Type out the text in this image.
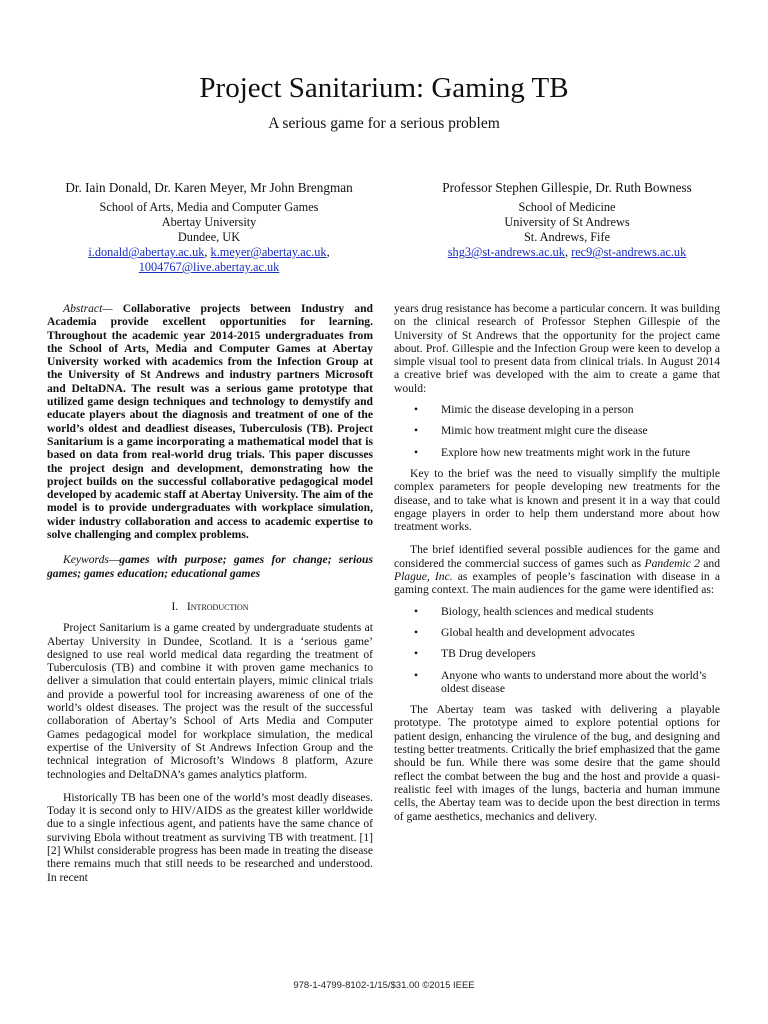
Project Sanitarium: Gaming TB
A serious game for a serious problem
Dr. Iain Donald, Dr. Karen Meyer, Mr John Brengman
School of Arts, Media and Computer Games
Abertay University
Dundee, UK
i.donald@abertay.ac.uk, k.meyer@abertay.ac.uk,
1004767@live.abertay.ac.uk
Professor Stephen Gillespie, Dr. Ruth Bowness
School of Medicine
University of St Andrews
St. Andrews, Fife
shg3@st-andrews.ac.uk, rec9@st-andrews.ac.uk

Abstract— Collaborative projects between Industry and Academia provide excellent opportunities for learning. Throughout the academic year 2014-2015 undergraduates from the School of Arts, Media and Computer Games at Abertay University worked with academics from the Infection Group at the University of St Andrews and industry partners Microsoft and DeltaDNA. The result was a serious game prototype that utilized game design techniques and technology to demystify and educate players about the diagnosis and treatment of one of the world’s oldest and deadliest diseases, Tuberculosis (TB). Project Sanitarium is a game incorporating a mathematical model that is based on data from real-world drug trials. This paper discusses the project design and development, demonstrating how the project builds on the successful collaborative pedagogical model developed by academic staff at Abertay University. The aim of the model is to provide undergraduates with workplace simulation, wider industry collaboration and access to academic expertise to solve challenging and complex problems.

Keywords—games with purpose; games for change; serious games; games education; educational games

I. Introduction

Project Sanitarium is a game created by undergraduate students at Abertay University in Dundee, Scotland. It is a ‘serious game’ designed to use real world medical data regarding the treatment of Tuberculosis (TB) and combine it with proven game mechanics to deliver a simulation that could entertain players, mimic clinical trials and provide a powerful tool for increasing awareness of one of the world’s oldest diseases. The project was the result of the successful collaboration of Abertay’s School of Arts Media and Computer Games pedagogical model for workplace simulation, the medical expertise of the University of St Andrews Infection Group and the technical integration of Microsoft’s Windows 8 platform, Azure technologies and DeltaDNA’s games analytics platform.

Historically TB has been one of the world’s most deadly diseases. Today it is second only to HIV/AIDS as the greatest killer worldwide due to a single infectious agent, and patients have the same chance of surviving Ebola without treatment as surviving TB with treatment. [1][2] Whilst considerable progress has been made in treating the disease there remains much that still needs to be researched and understood. In recent

years drug resistance has become a particular concern. It was building on the clinical research of Professor Stephen Gillespie of the University of St Andrews that the opportunity for the project came about. Prof. Gillespie and the Infection Group were keen to develop a simple visual tool to present data from clinical trials. In August 2014 a creative brief was developed with the aim to create a game that would:

• Mimic the disease developing in a person
• Mimic how treatment might cure the disease
• Explore how new treatments might work in the future

Key to the brief was the need to visually simplify the multiple complex parameters for people developing new treatments for the disease, and to take what is known and present it in a way that could engage players in order to help them understand more about how treatment works.

The brief identified several possible audiences for the game and considered the commercial success of games such as Pandemic 2 and Plague, Inc. as examples of people’s fascination with disease in a gaming context. The main audiences for the game were identified as:

• Biology, health sciences and medical students
• Global health and development advocates
• TB Drug developers
• Anyone who wants to understand more about the world’s oldest disease

The Abertay team was tasked with delivering a playable prototype. The prototype aimed to explore potential options for patient design, enhancing the virulence of the bug, and designing and testing better treatments. Critically the brief emphasized that the game should be fun. While there was some desire that the game should reflect the combat between the bug and the host and provide a quasi-realistic feel with images of the lungs, bacteria and human immune cells, the Abertay team was to decide upon the best direction in terms of game aesthetics, mechanics and delivery.

978-1-4799-8102-1/15/$31.00 ©2015 IEEE
